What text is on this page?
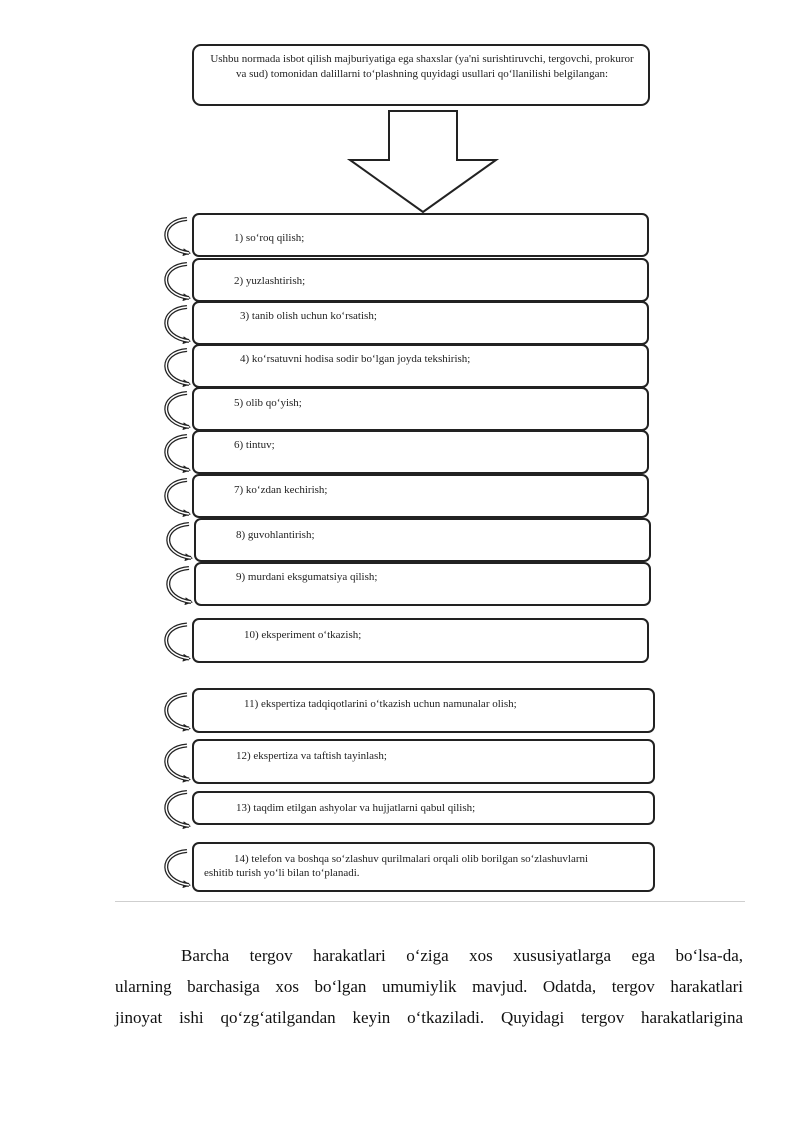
Ushbu normada isbot qilish majburiyatiga ega shaxslar (ya'ni surishtiruvchi, tergovchi, prokuror va sud) tomonidan dalillarni to‘plashning quyidagi usullari qo‘llanilishi belgilangan:
1) so‘roq qilish;
2) yuzlashtirish;
3) tanib olish uchun ko‘rsatish;
4) ko‘rsatuvni hodisa sodir bo‘lgan joyda tekshirish;
5) olib qo‘yish;
6) tintuv;
7) ko‘zdan kechirish;
8) guvohlantirish;
9) murdani eksgumatsiya qilish;
10) eksperiment o‘tkazish;
11) ekspertiza tadqiqotlarini o‘tkazish uchun namunalar olish;
12) ekspertiza va taftish tayinlash;
13) taqdim etilgan ashyolar va hujjatlarni qabul qilish;
14) telefon va boshqa so‘zlashuv qurilmalari orqali olib borilgan so‘zlashuvlarni
eshitib turish yo‘li bilan to‘planadi.
Barcha tergov harakatlari o‘ziga xos xususiyatlarga ega bo‘lsa-da,
ularning barchasiga xos bo‘lgan umumiylik mavjud. Odatda, tergov harakatlari
jinoyat ishi qo‘zg‘atilgandan keyin o‘tkaziladi. Quyidagi tergov harakatlarigina
